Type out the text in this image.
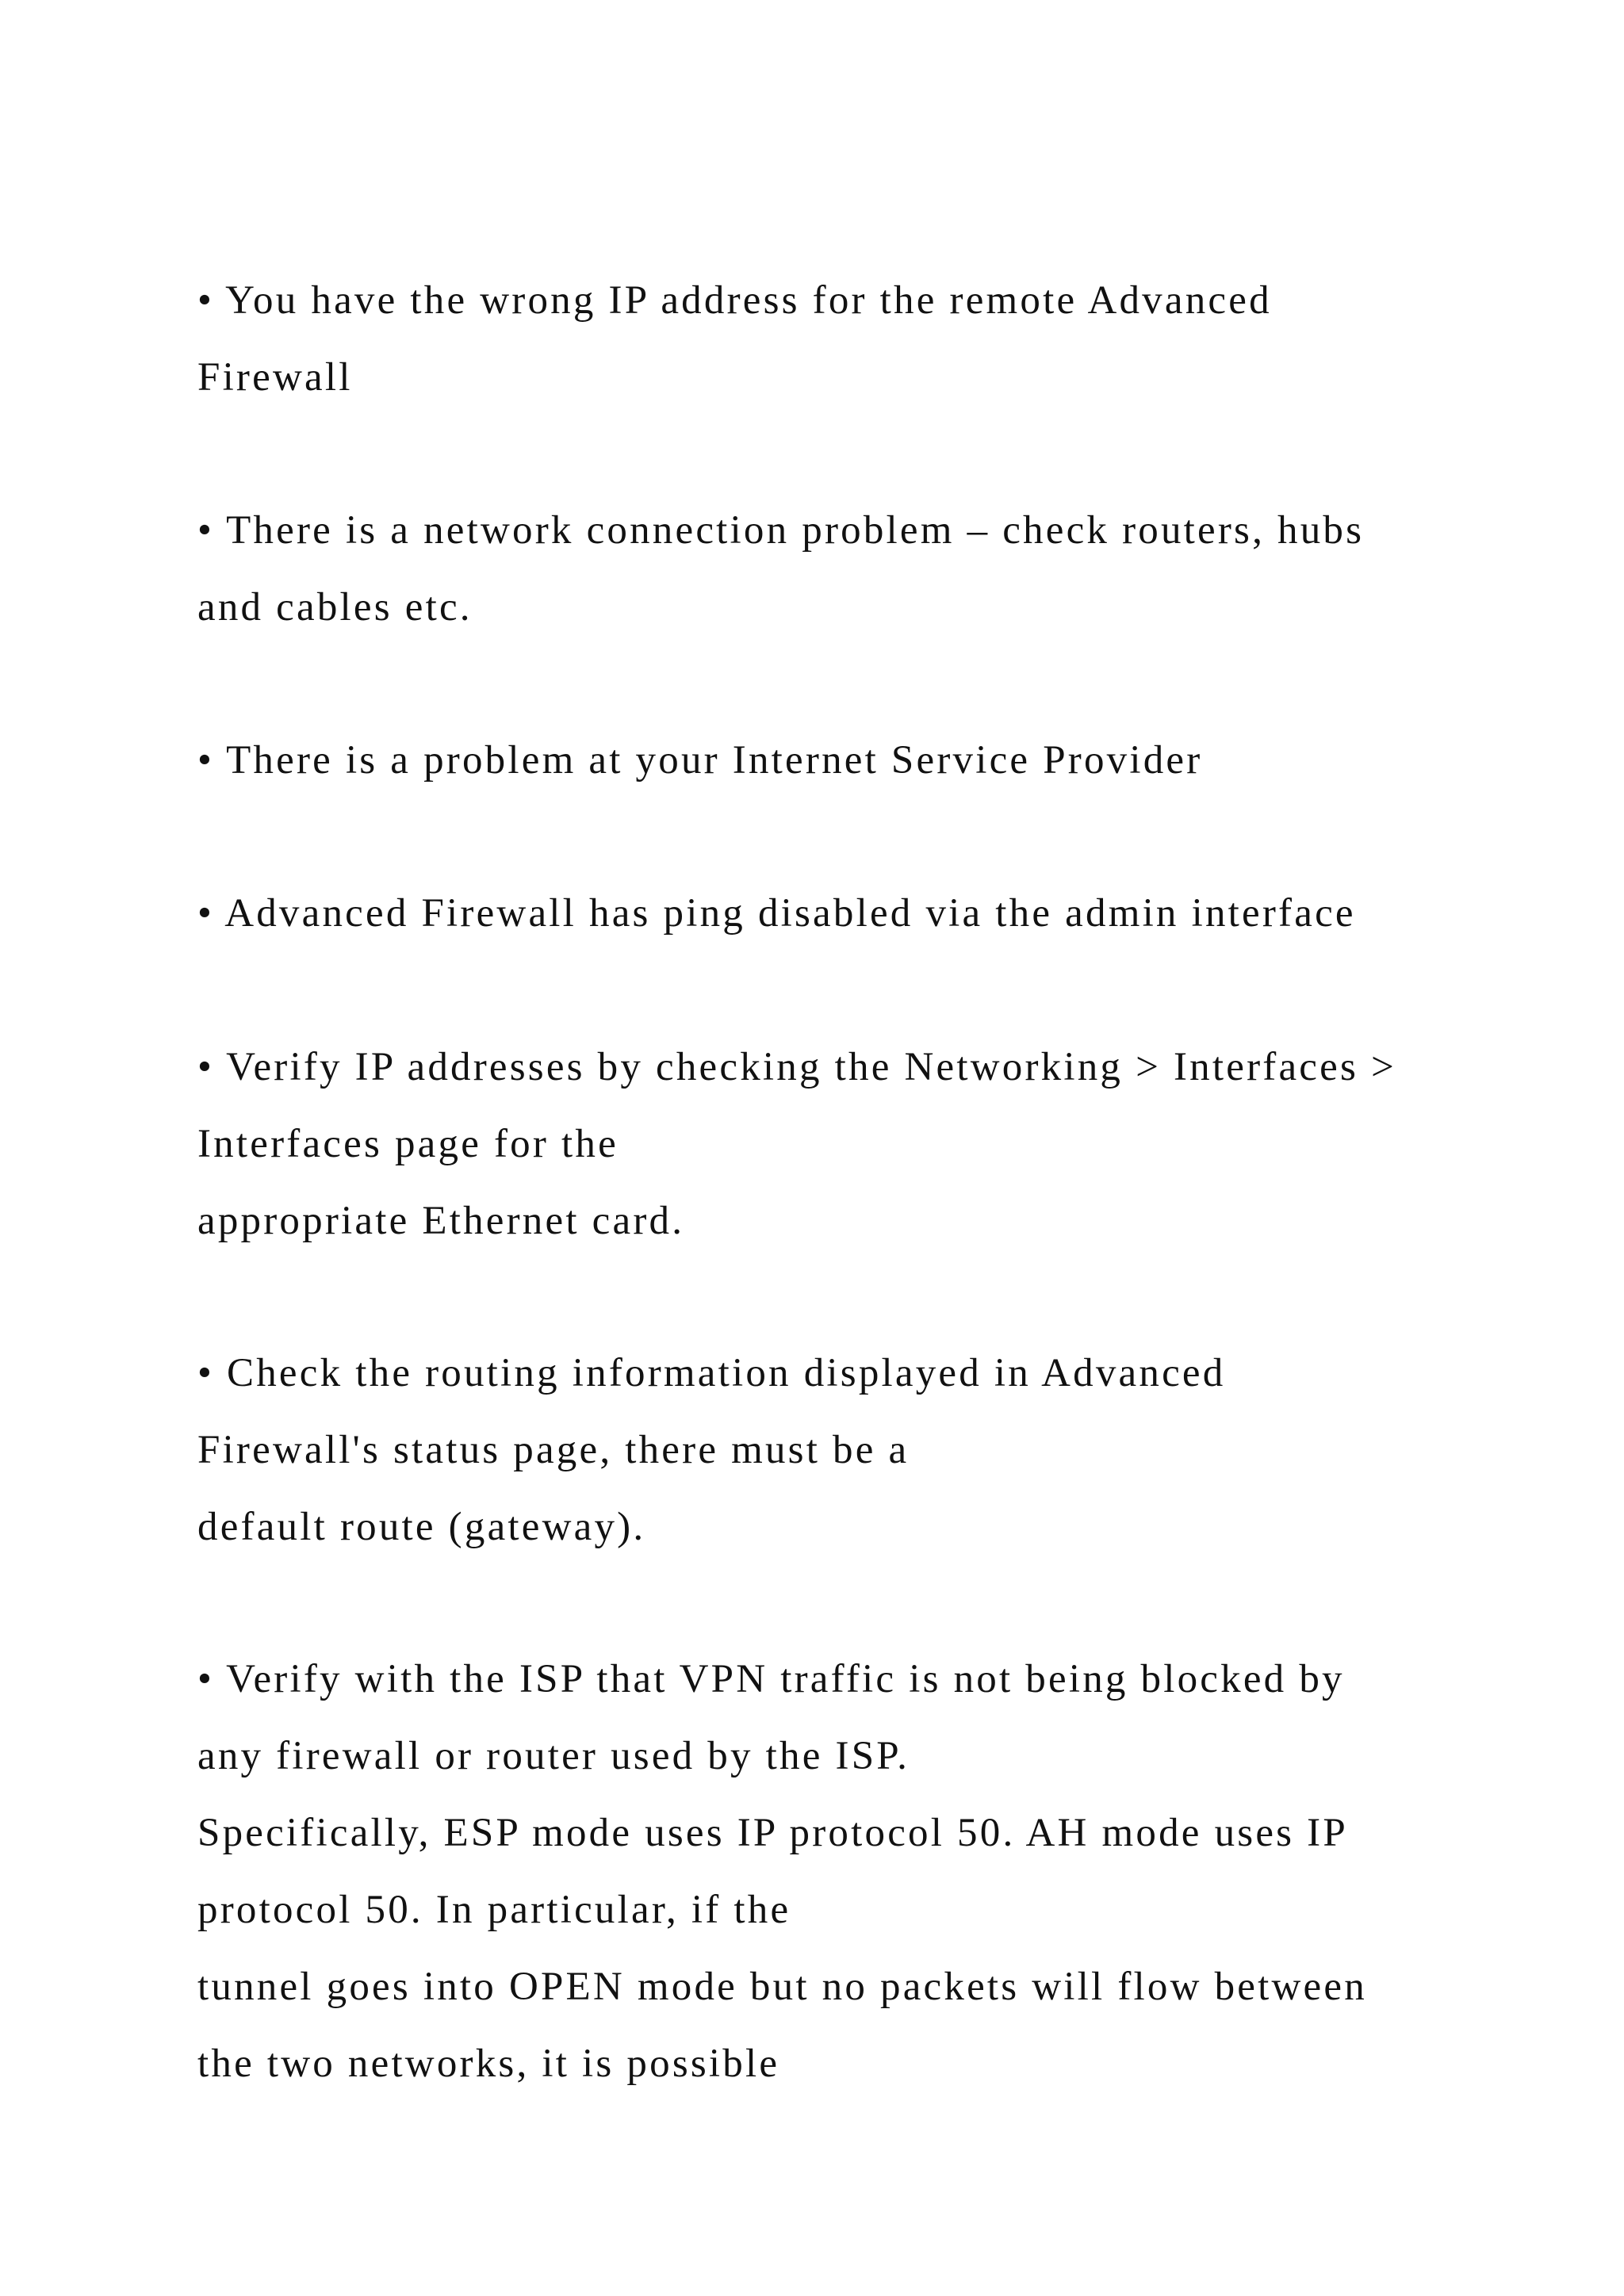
• You have the wrong IP address for the remote Advanced
Firewall

• There is a network connection problem – check routers, hubs
and cables etc.

• There is a problem at your Internet Service Provider

• Advanced Firewall has ping disabled via the admin interface

• Verify IP addresses by checking the Networking > Interfaces >
Interfaces page for the
appropriate Ethernet card.

• Check the routing information displayed in Advanced
Firewall's status page, there must be a
default route (gateway).

• Verify with the ISP that VPN traffic is not being blocked by
any firewall or router used by the ISP.
Specifically, ESP mode uses IP protocol 50. AH mode uses IP
protocol 50. In particular, if the
tunnel goes into OPEN mode but no packets will flow between
the two networks, it is possible
